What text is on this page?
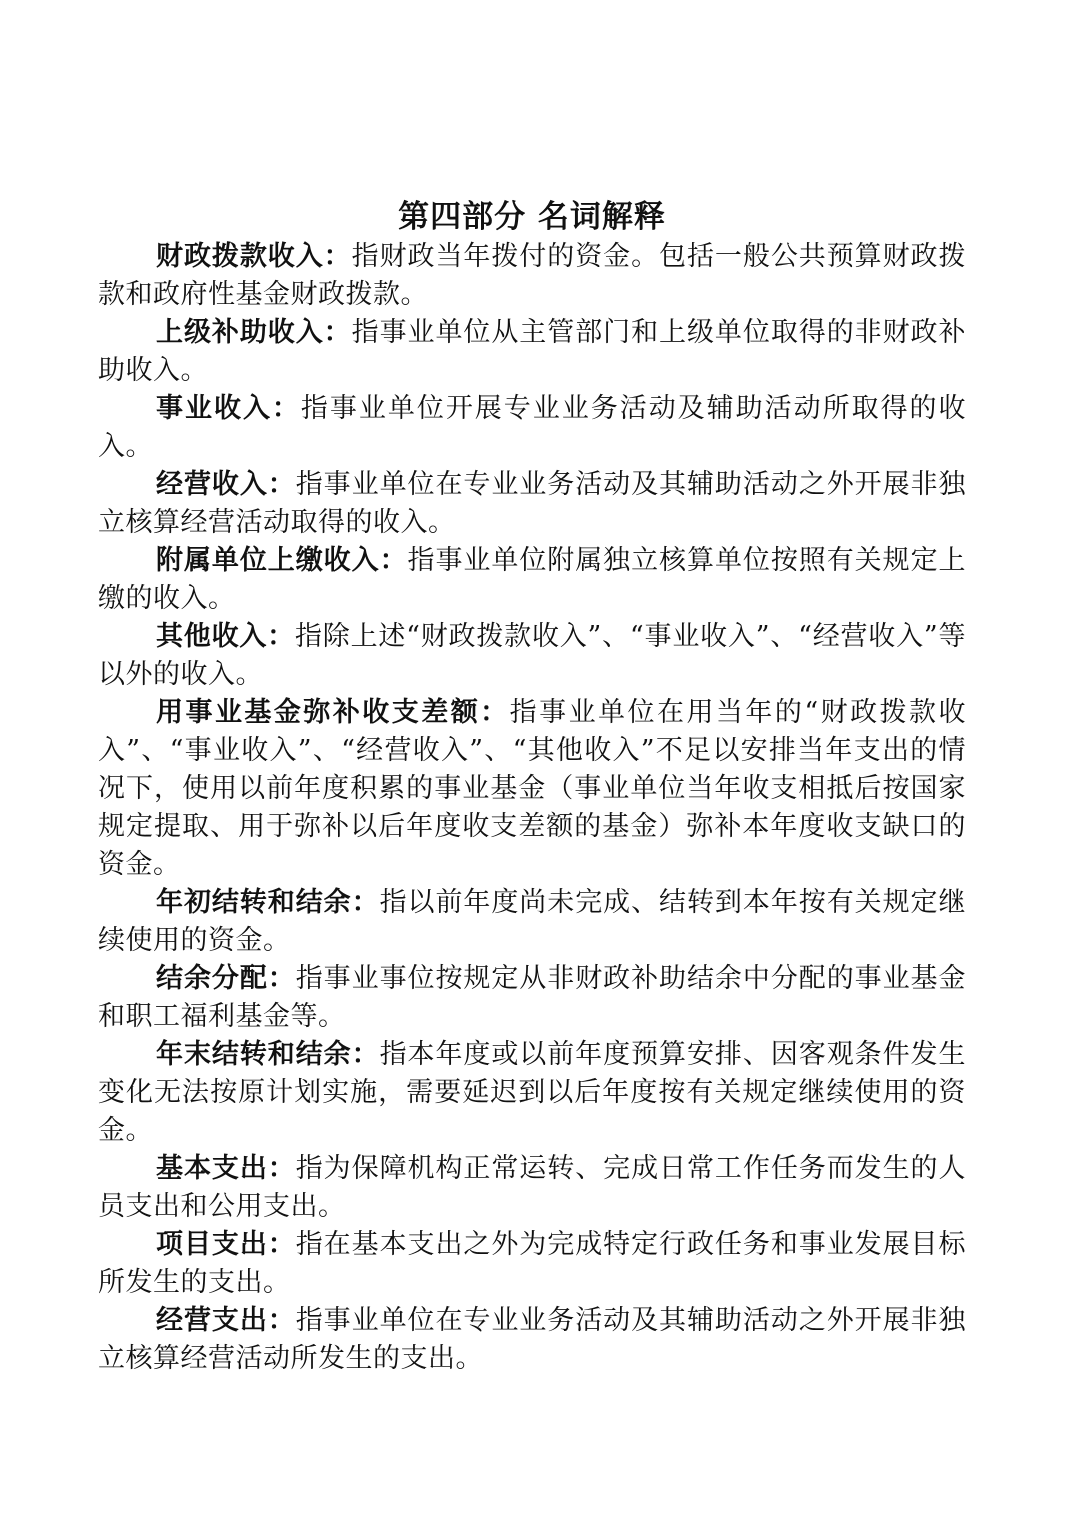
第四部分 名词解释

财政拨款收入：指财政当年拨付的资金。包括一般公共预算财政拨款和政府性基金财政拨款。

上级补助收入：指事业单位从主管部门和上级单位取得的非财政补助收入。

事业收入：指事业单位开展专业业务活动及辅助活动所取得的收入。

经营收入：指事业单位在专业业务活动及其辅助活动之外开展非独立核算经营活动取得的收入。

附属单位上缴收入：指事业单位附属独立核算单位按照有关规定上缴的收入。

其他收入：指除上述“财政拨款收入”、“事业收入”、“经营收入”等以外的收入。

用事业基金弥补收支差额：指事业单位在用当年的“财政拨款收入”、“事业收入”、“经营收入”、“其他收入”不足以安排当年支出的情况下，使用以前年度积累的事业基金（事业单位当年收支相抵后按国家规定提取、用于弥补以后年度收支差额的基金）弥补本年度收支缺口的资金。

年初结转和结余：指以前年度尚未完成、结转到本年按有关规定继续使用的资金。

结余分配：指事业事位按规定从非财政补助结余中分配的事业基金和职工福利基金等。

年末结转和结余：指本年度或以前年度预算安排、因客观条件发生变化无法按原计划实施，需要延迟到以后年度按有关规定继续使用的资金。

基本支出：指为保障机构正常运转、完成日常工作任务而发生的人员支出和公用支出。

项目支出：指在基本支出之外为完成特定行政任务和事业发展目标所发生的支出。

经营支出：指事业单位在专业业务活动及其辅助活动之外开展非独立核算经营活动所发生的支出。
